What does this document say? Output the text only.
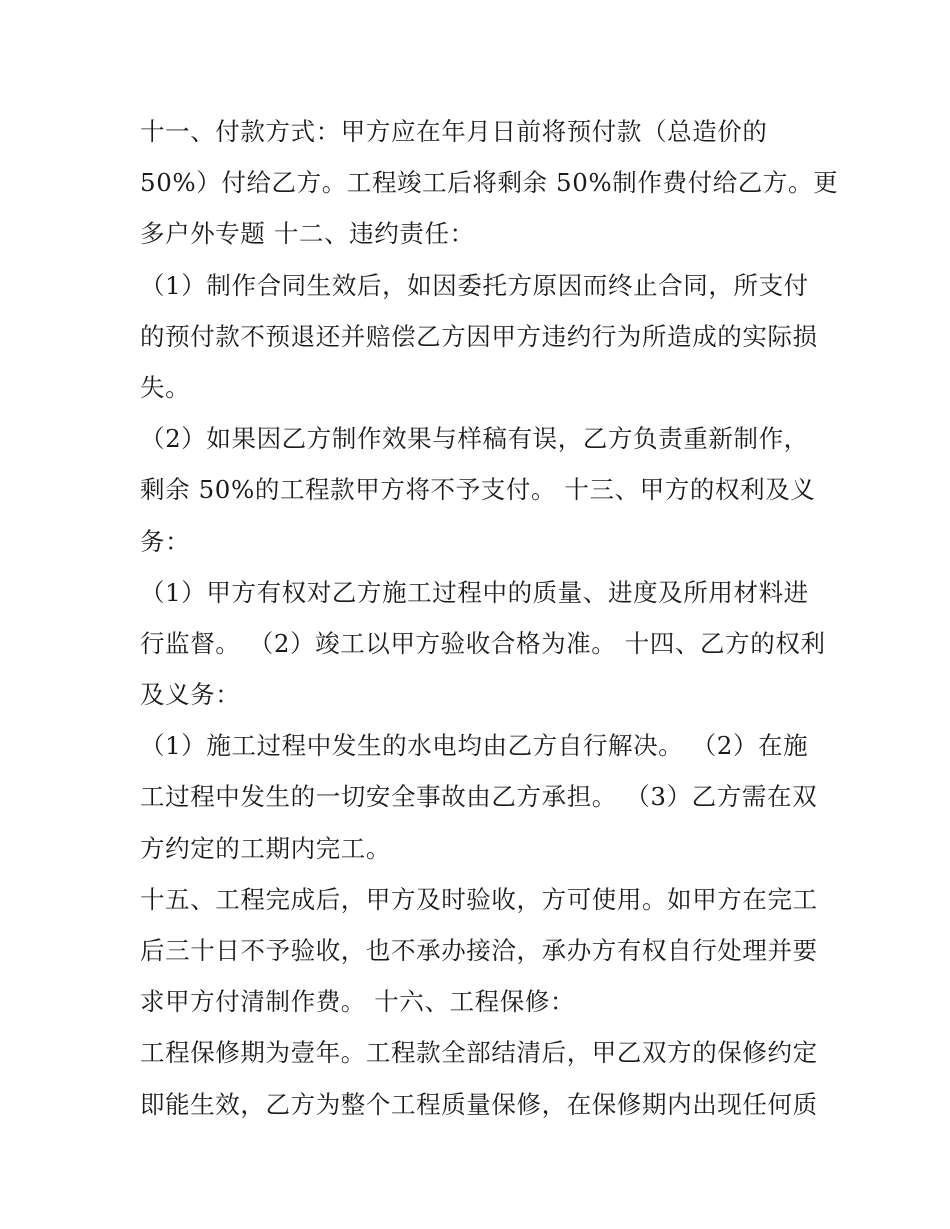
十一、付款方式：甲方应在年月日前将预付款（总造价的
50%）付给乙方。工程竣工后将剩余 50%制作费付给乙方。更
多户外专题 十二、违约责任：
（1）制作合同生效后，如因委托方原因而终止合同，所支付
的预付款不预退还并赔偿乙方因甲方违约行为所造成的实际损
失。
（2）如果因乙方制作效果与样稿有误，乙方负责重新制作，
剩余 50%的工程款甲方将不予支付。 十三、甲方的权利及义
务：
（1）甲方有权对乙方施工过程中的质量、进度及所用材料进
行监督。 （2）竣工以甲方验收合格为准。 十四、乙方的权利
及义务：
（1）施工过程中发生的水电均由乙方自行解决。 （2）在施
工过程中发生的一切安全事故由乙方承担。 （3）乙方需在双
方约定的工期内完工。
十五、工程完成后，甲方及时验收，方可使用。如甲方在完工
后三十日不予验收，也不承办接洽，承办方有权自行处理并要
求甲方付清制作费。 十六、工程保修：
工程保修期为壹年。工程款全部结清后，甲乙双方的保修约定
即能生效，乙方为整个工程质量保修，在保修期内出现任何质
